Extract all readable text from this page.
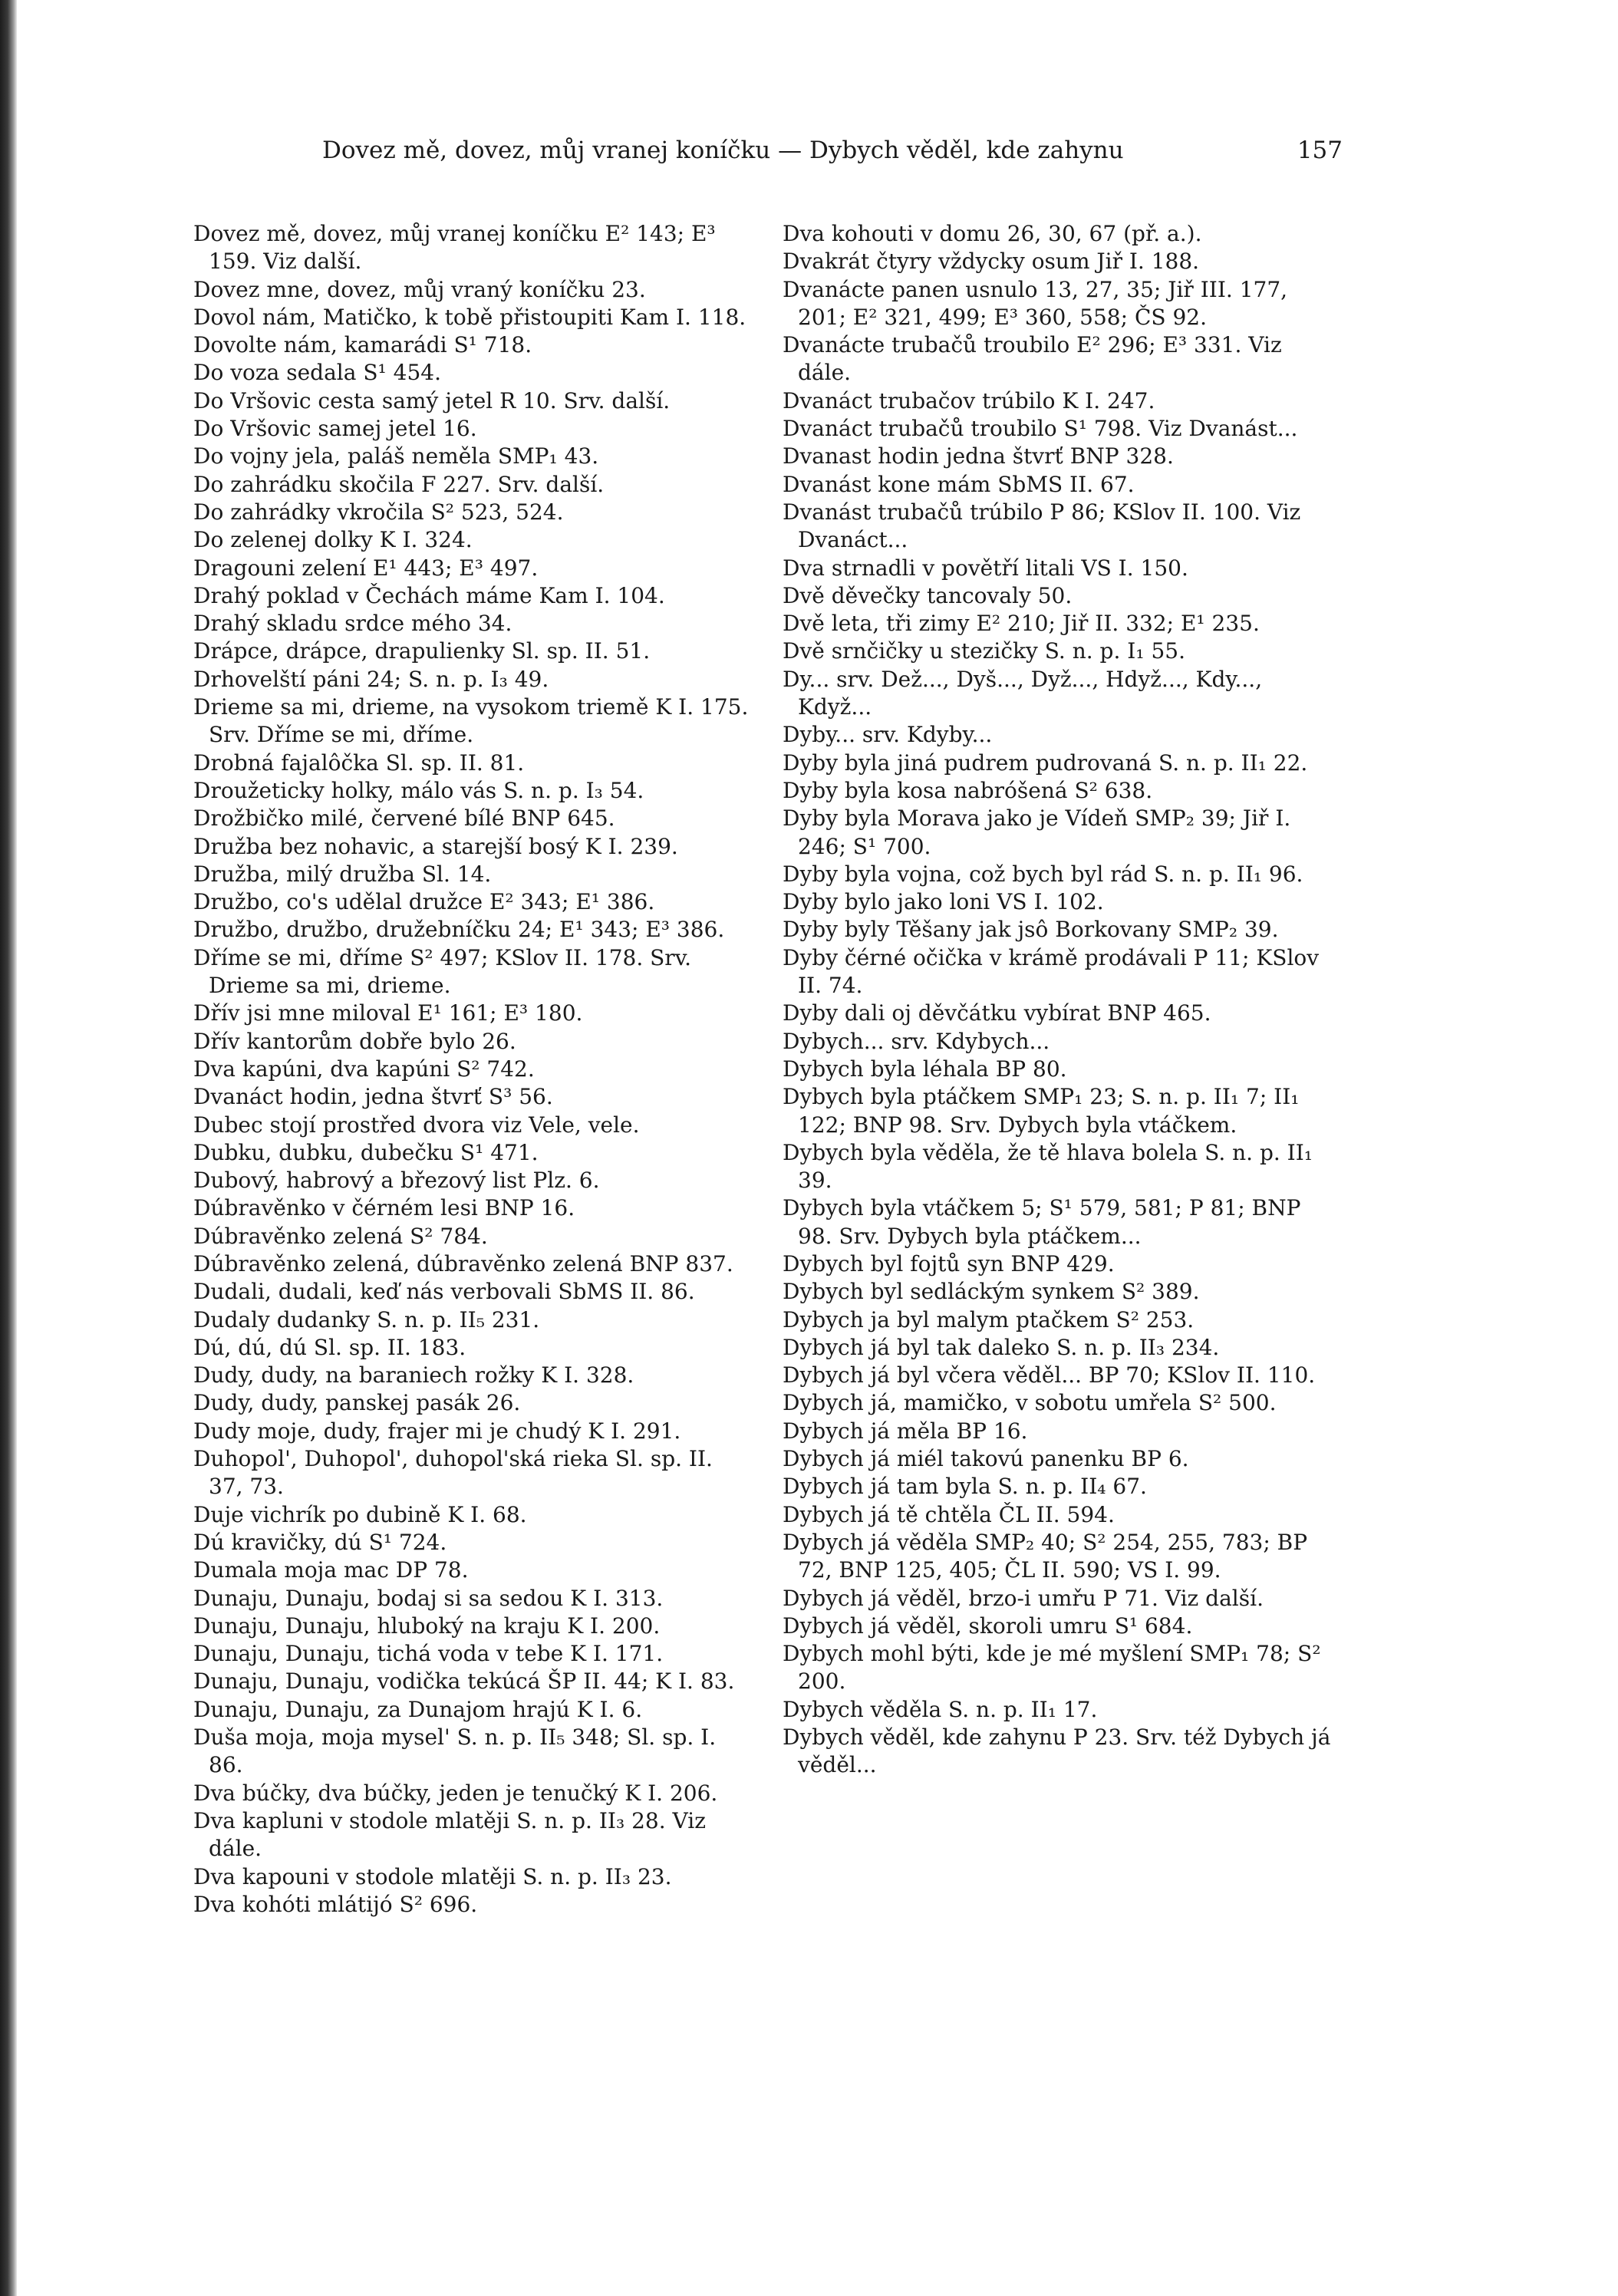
Dovez mě, dovez, můj vranej koníčku — Dybych věděl, kde zahynu	157

Dovez mě, dovez, můj vranej koníčku E² 143; E³ 159. Viz další.

Dovez mne, dovez, můj vraný koníčku 23.

Dovol nám, Matičko, k tobě přistoupiti Kam I. 118.

Dovolte nám, kamarádi S¹ 718.

Do voza sedala S¹ 454.

Do Vršovic cesta samý jetel R 10. Srv. další.

Do Vršovic samej jetel 16.

Do vojny jela, paláš neměla SMP₁ 43.

Do zahrádku skočila F 227. Srv. další.

Do zahrádky vkročila S² 523, 524.

Do zelenej dolky K I. 324.

Dragouni zelení E¹ 443; E³ 497.

Drahý poklad v Čechách máme Kam I. 104.

Drahý skladu srdce mého 34.

Drápce, drápce, drapulienky Sl. sp. II. 51.

Drhovelští páni 24; S. n. p. I₃ 49.

Drieme sa mi, drieme, na vysokom triemě K I. 175. Srv. Dříme se mi, dříme.

Drobná fajalôčka Sl. sp. II. 81.

Droužeticky holky, málo vás S. n. p. I₃ 54.

Drožbičko milé, červené bílé BNP 645.

Družba bez nohavic, a starejší bosý K I. 239.

Družba, milý družba Sl. 14.

Družbo, co's udělal družce E² 343; E¹ 386.

Družbo, družbo, družebníčku 24; E¹ 343; E³ 386.

Dříme se mi, dříme S² 497; KSlov II. 178. Srv. Drieme sa mi, drieme.

Dřív jsi mne miloval E¹ 161; E³ 180.

Dřív kantorům dobře bylo 26.

Dva kapúni, dva kapúni S² 742.

Dvanáct hodin, jedna štvrť S³ 56.

Dubec stojí prostřed dvora viz Vele, vele.

Dubku, dubku, dubečku S¹ 471.

Dubový, habrový a březový list Plz. 6.

Dúbravěnko v čérném lesi BNP 16.

Dúbravěnko zelená S² 784.

Dúbravěnko zelená, dúbravěnko zelená BNP 837.

Dudali, dudali, keď nás verbovali SbMS II. 86.

Dudaly dudanky S. n. p. II₅ 231.

Dú, dú, dú Sl. sp. II. 183.

Dudy, dudy, na baraniech rožky K I. 328.

Dudy, dudy, panskej pasák 26.

Dudy moje, dudy, frajer mi je chudý K I. 291.

Duhopol', Duhopol', duhopol'ská rieka Sl. sp. II. 37, 73.

Duje vichrík po dubině K I. 68.

Dú kravičky, dú S¹ 724.

Dumala moja mac DP 78.

Dunaju, Dunaju, bodaj si sa sedou K I. 313.

Dunaju, Dunaju, hluboký na kraju K I. 200.

Dunaju, Dunaju, tichá voda v tebe K I. 171.

Dunaju, Dunaju, vodička tekúcá ŠP II. 44; K I. 83.

Dunaju, Dunaju, za Dunajom hrajú K I. 6.

Duša moja, moja mysel' S. n. p. II₅ 348; Sl. sp. I. 86.

Dva búčky, dva búčky, jeden je tenučký K I. 206.

Dva kapluni v stodole mlatěji S. n. p. II₃ 28. Viz dále.

Dva kapouni v stodole mlatěji S. n. p. II₃ 23.

Dva kohóti mlátijó S² 696.

Dva kohouti v domu 26, 30, 67 (př. a.).

Dvakrát čtyry vždycky osum Jiř I. 188.

Dvanácte panen usnulo 13, 27, 35; Jiř III. 177, 201; E² 321, 499; E³ 360, 558; ČS 92.

Dvanácte trubačů troubilo E² 296; E³ 331. Viz dále.

Dvanáct trubačov trúbilo K I. 247.

Dvanáct trubačů troubilo S¹ 798. Viz Dvanást...

Dvanast hodin jedna štvrť BNP 328.

Dvanást kone mám SbMS II. 67.

Dvanást trubačů trúbilo P 86; KSlov II. 100. Viz Dvanáct...

Dva strnadli v povětří litali VS I. 150.

Dvě děvečky tancovaly 50.

Dvě leta, tři zimy E² 210; Jiř II. 332; E¹ 235.

Dvě srnčičky u stezičky S. n. p. I₁ 55.

Dy... srv. Dež..., Dyš..., Dyž..., Hdyž..., Kdy..., Když...

Dyby... srv. Kdyby...

Dyby byla jiná pudrem pudrovaná S. n. p. II₁ 22.

Dyby byla kosa nabróšená S² 638.

Dyby byla Morava jako je Vídeň SMP₂ 39; Jiř I. 246; S¹ 700.

Dyby byla vojna, což bych byl rád S. n. p. II₁ 96.

Dyby bylo jako loni VS I. 102.

Dyby byly Těšany jak jsô Borkovany SMP₂ 39.

Dyby čérné očička v krámě prodávali P 11; KSlov II. 74.

Dyby dali oj děvčátku vybírat BNP 465.

Dybych... srv. Kdybych...

Dybych byla léhala BP 80.

Dybych byla ptáčkem SMP₁ 23; S. n. p. II₁ 7; II₁ 122; BNP 98. Srv. Dybych byla vtáčkem.

Dybych byla věděla, že tě hlava bolela S. n. p. II₁ 39.

Dybych byla vtáčkem 5; S¹ 579, 581; P 81; BNP 98. Srv. Dybych byla ptáčkem...

Dybych byl fojtů syn BNP 429.

Dybych byl sedláckým synkem S² 389.

Dybych ja byl malym ptačkem S² 253.

Dybych já byl tak daleko S. n. p. II₃ 234.

Dybych já byl včera věděl... BP 70; KSlov II. 110.

Dybych já, mamičko, v sobotu umřela S² 500.

Dybych já měla BP 16.

Dybych já miél takovú panenku BP 6.

Dybych já tam byla S. n. p. II₄ 67.

Dybych já tě chtěla ČL II. 594.

Dybych já věděla SMP₂ 40; S² 254, 255, 783; BP 72, BNP 125, 405; ČL II. 590; VS I. 99.

Dybych já věděl, brzo-i umřu P 71. Viz další.

Dybych já věděl, skoroli umru S¹ 684.

Dybych mohl býti, kde je mé myšlení SMP₁ 78; S² 200.

Dybych věděla S. n. p. II₁ 17.

Dybych věděl, kde zahynu P 23. Srv. též Dybych já věděl...
